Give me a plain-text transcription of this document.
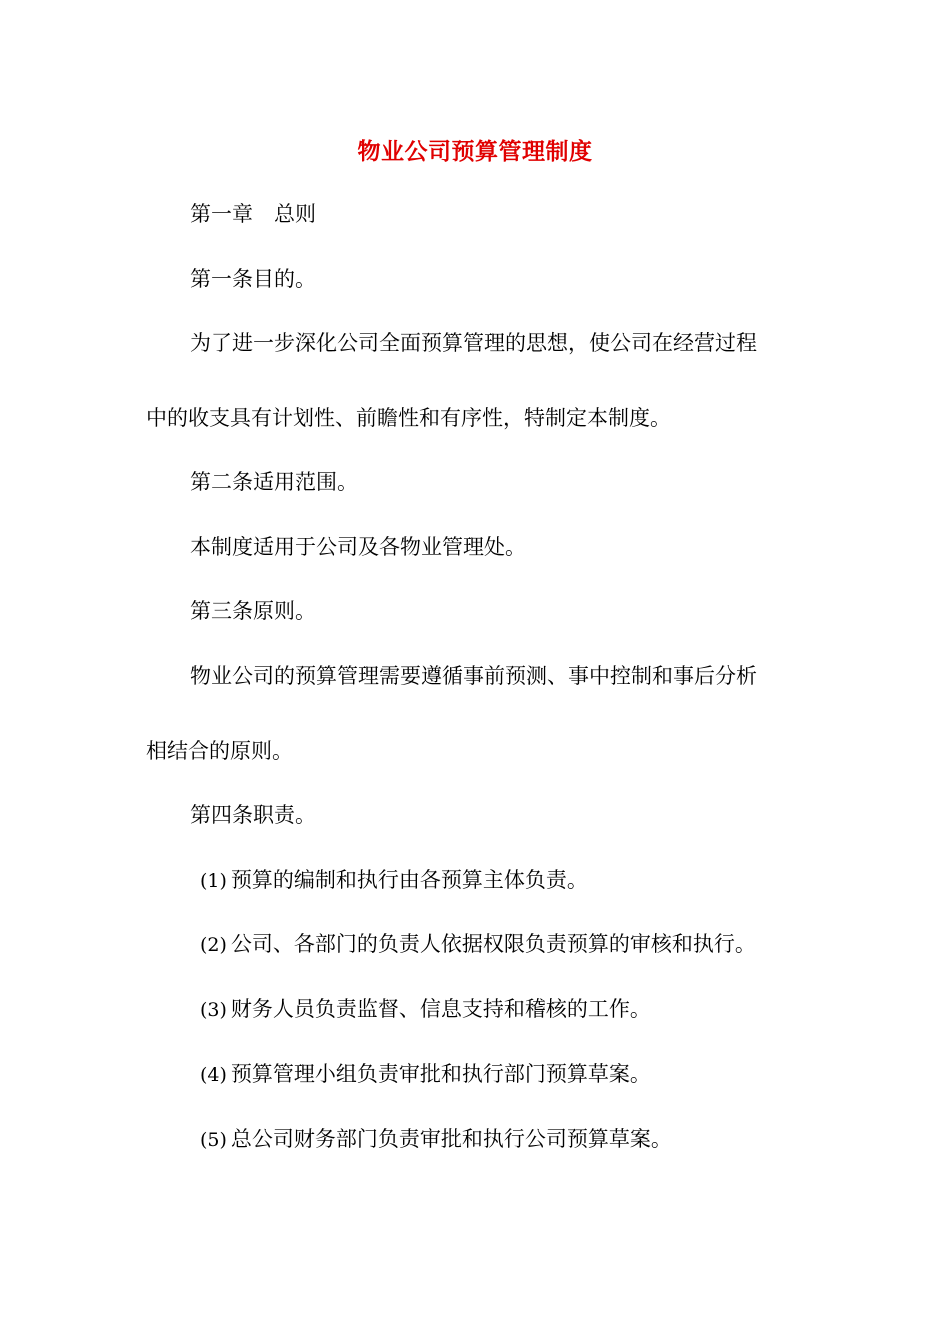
物业公司预算管理制度
第一章　总则
第一条目的。
为了进一步深化公司全面预算管理的思想，使公司在经营过程
中的收支具有计划性、前瞻性和有序性，特制定本制度。
第二条适用范围。
本制度适用于公司及各物业管理处。
第三条原则。
物业公司的预算管理需要遵循事前预测、事中控制和事后分析
相结合的原则。
第四条职责。
(1) 预算的编制和执行由各预算主体负责。
(2) 公司、各部门的负责人依据权限负责预算的审核和执行。
(3) 财务人员负责监督、信息支持和稽核的工作。
(4) 预算管理小组负责审批和执行部门预算草案。
(5) 总公司财务部门负责审批和执行公司预算草案。
